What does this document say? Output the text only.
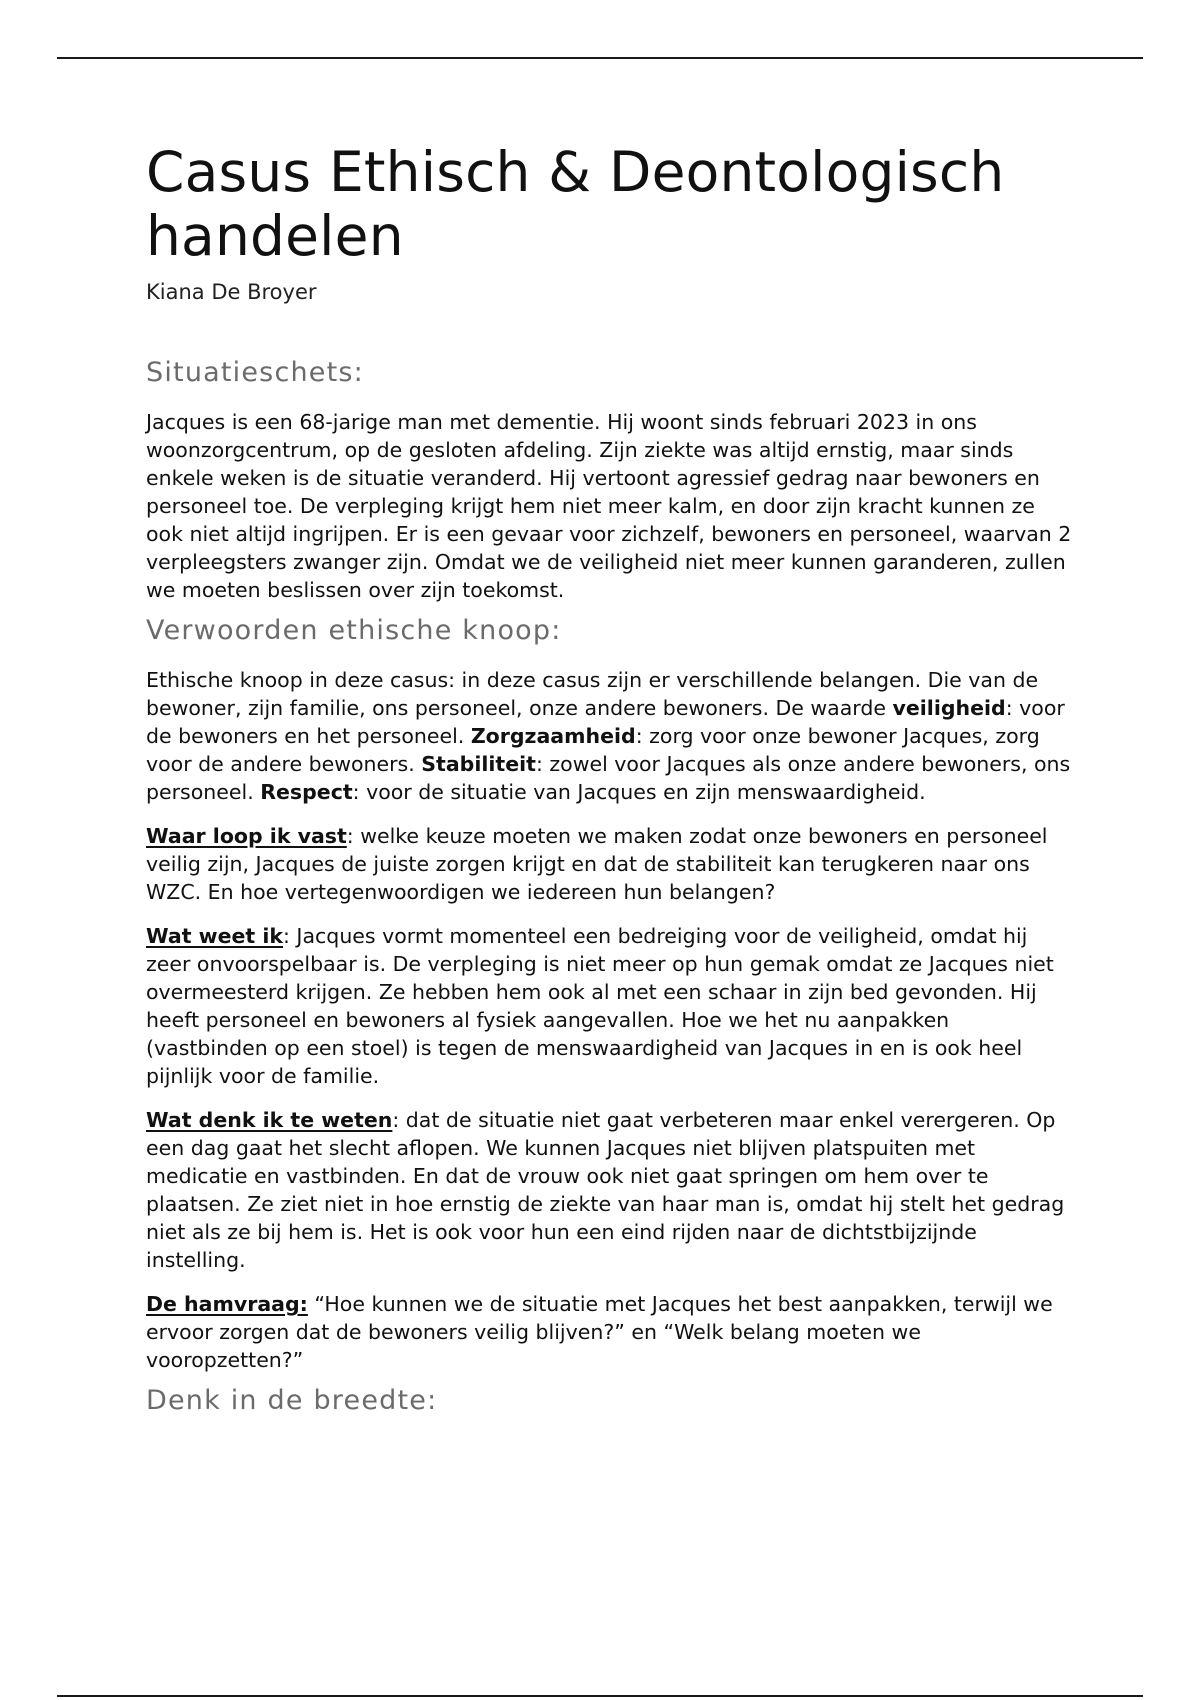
Casus Ethisch & Deontologisch handelen
Kiana De Broyer
Situatieschets:

Jacques is een 68-jarige man met dementie. Hij woont sinds februari 2023 in ons woonzorgcentrum, op de gesloten afdeling. Zijn ziekte was altijd ernstig, maar sinds enkele weken is de situatie veranderd. Hij vertoont agressief gedrag naar bewoners en personeel toe. De verpleging krijgt hem niet meer kalm, en door zijn kracht kunnen ze ook niet altijd ingrijpen. Er is een gevaar voor zichzelf, bewoners en personeel, waarvan 2 verpleegsters zwanger zijn. Omdat we de veiligheid niet meer kunnen garanderen, zullen we moeten beslissen over zijn toekomst.

Verwoorden ethische knoop:

Ethische knoop in deze casus: in deze casus zijn er verschillende belangen. Die van de bewoner, zijn familie, ons personeel, onze andere bewoners. De waarde veiligheid: voor de bewoners en het personeel. Zorgzaamheid: zorg voor onze bewoner Jacques, zorg voor de andere bewoners. Stabiliteit: zowel voor Jacques als onze andere bewoners, ons personeel. Respect: voor de situatie van Jacques en zijn menswaardigheid.

Waar loop ik vast: welke keuze moeten we maken zodat onze bewoners en personeel veilig zijn, Jacques de juiste zorgen krijgt en dat de stabiliteit kan terugkeren naar ons WZC. En hoe vertegenwoordigen we iedereen hun belangen?

Wat weet ik: Jacques vormt momenteel een bedreiging voor de veiligheid, omdat hij zeer onvoorspelbaar is. De verpleging is niet meer op hun gemak omdat ze Jacques niet overmeesterd krijgen. Ze hebben hem ook al met een schaar in zijn bed gevonden. Hij heeft personeel en bewoners al fysiek aangevallen. Hoe we het nu aanpakken (vastbinden op een stoel) is tegen de menswaardigheid van Jacques in en is ook heel pijnlijk voor de familie.

Wat denk ik te weten: dat de situatie niet gaat verbeteren maar enkel verergeren. Op een dag gaat het slecht aflopen. We kunnen Jacques niet blijven platspuiten met medicatie en vastbinden. En dat de vrouw ook niet gaat springen om hem over te plaatsen. Ze ziet niet in hoe ernstig de ziekte van haar man is, omdat hij stelt het gedrag niet als ze bij hem is. Het is ook voor hun een eind rijden naar de dichtstbijzijnde instelling.

De hamvraag: “Hoe kunnen we de situatie met Jacques het best aanpakken, terwijl we ervoor zorgen dat de bewoners veilig blijven?” en “Welk belang moeten we vooropzetten?”

Denk in de breedte:
